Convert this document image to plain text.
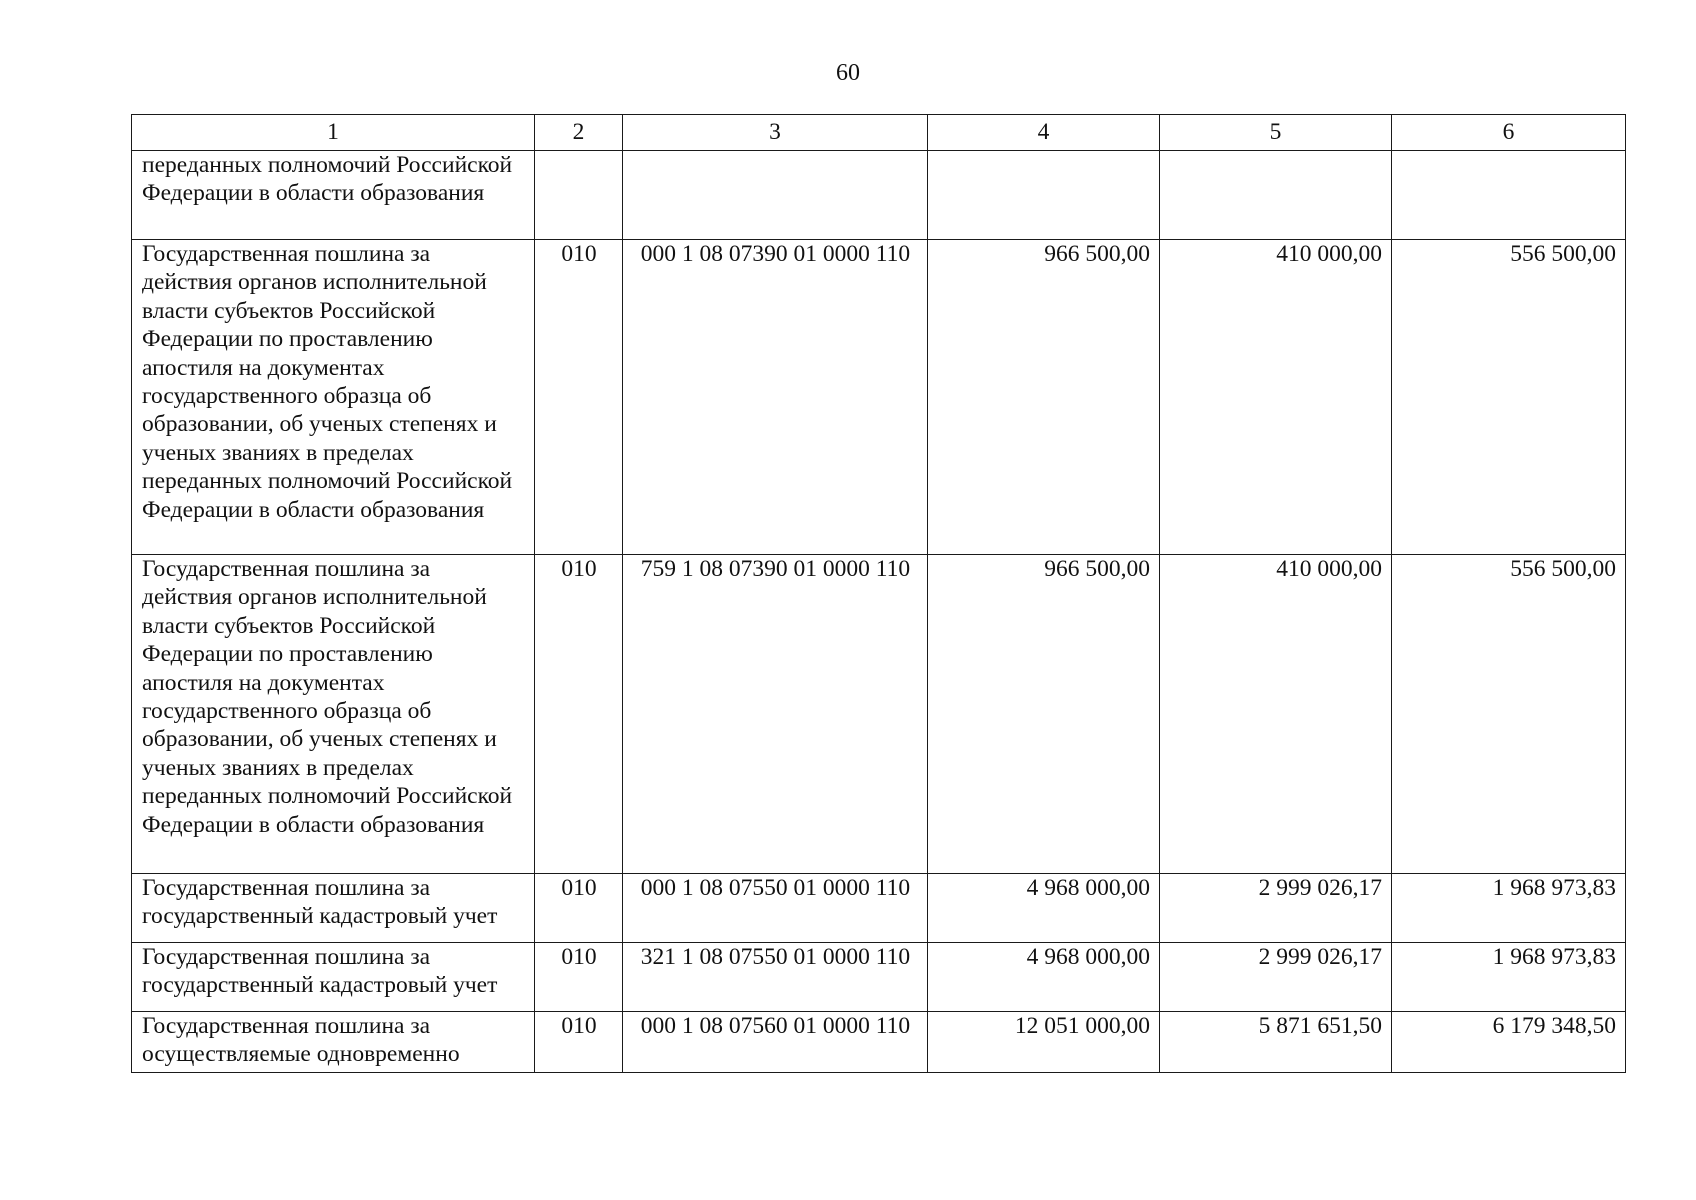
60
1	2	3	4	5	6
переданных полномочий Российской Федерации в области образования					
Государственная пошлина за действия органов исполнительной власти субъектов Российской Федерации по проставлению апостиля на документах государственного образца об образовании, об ученых степенях и ученых званиях в пределах переданных полномочий Российской Федерации в области образования	010	000 1 08 07390 01 0000 110	966 500,00	410 000,00	556 500,00
Государственная пошлина за действия органов исполнительной власти субъектов Российской Федерации по проставлению апостиля на документах государственного образца об образовании, об ученых степенях и ученых званиях в пределах переданных полномочий Российской Федерации в области образования	010	759 1 08 07390 01 0000 110	966 500,00	410 000,00	556 500,00
Государственная пошлина за государственный кадастровый учет	010	000 1 08 07550 01 0000 110	4 968 000,00	2 999 026,17	1 968 973,83
Государственная пошлина за государственный кадастровый учет	010	321 1 08 07550 01 0000 110	4 968 000,00	2 999 026,17	1 968 973,83
Государственная пошлина за осуществляемые одновременно	010	000 1 08 07560 01 0000 110	12 051 000,00	5 871 651,50	6 179 348,50
